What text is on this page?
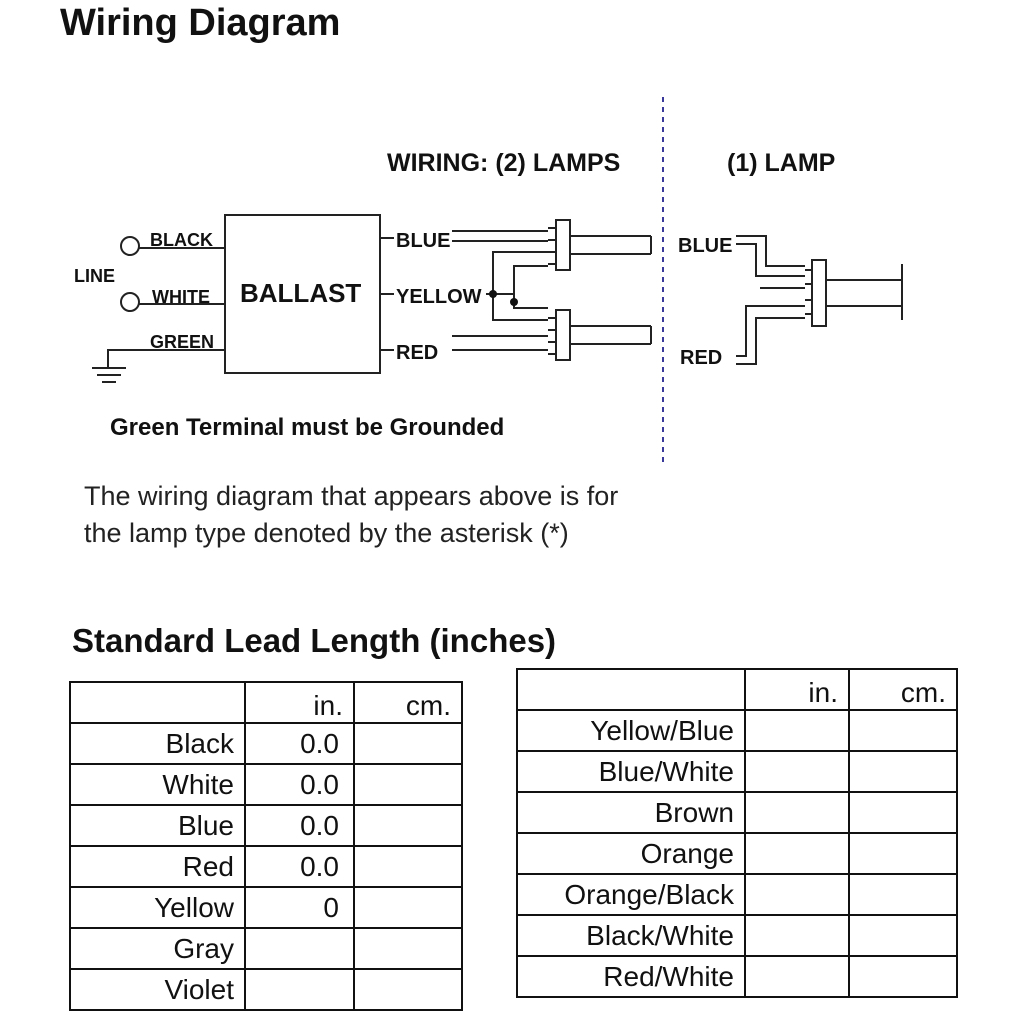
Wiring Diagram
WIRING: (2) LAMPS	(1) LAMP
BALLAST
LINE
BLACK
WHITE
GREEN
BLUE
YELLOW
RED
BLUE
RED
Green Terminal must be Grounded
The wiring diagram that appears above is for
the lamp type denoted by the asterisk (*)
Standard Lead Length (inches)
	in.	cm.
Black	0.0	
White	0.0	
Blue	0.0	
Red	0.0	
Yellow	0	
Gray		
Violet		
	in.	cm.
Yellow/Blue		
Blue/White		
Brown		
Orange		
Orange/Black		
Black/White		
Red/White		
